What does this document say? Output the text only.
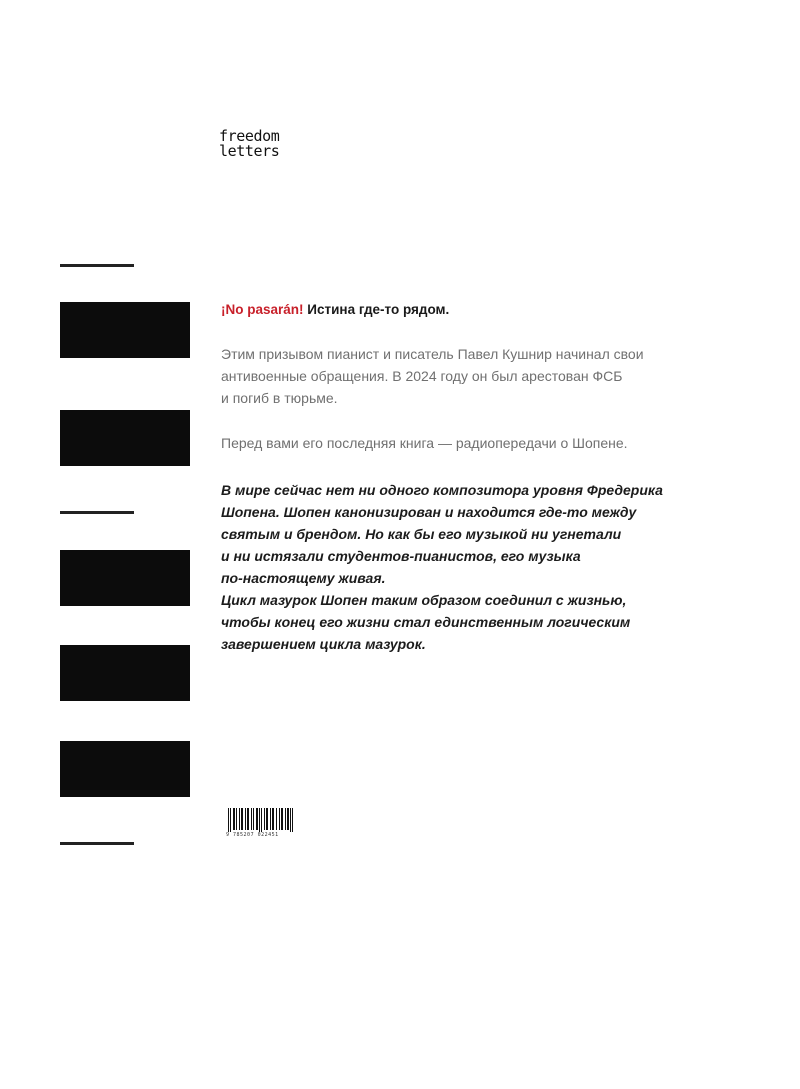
freedom
letters
¡No pasarán! Истина где-то рядом.
Этим призывом пианист и писатель Павел Кушнир начинал свои
антивоенные обращения. В 2024 году он был арестован ФСБ
и погиб в тюрьме.
Перед вами его последняя книга — радиопередачи о Шопене.
В мире сейчас нет ни одного композитора уровня Фредерика
Шопена. Шопен канонизирован и находится где-то между
святым и брендом. Но как бы его музыкой ни угнетали
и ни истязали студентов-пианистов, его музыка
по-настоящему живая.
Цикл мазурок Шопен таким образом соединил с жизнью,
чтобы конец его жизни стал единственным логическим
завершением цикла мазурок.
9 785207 022451
